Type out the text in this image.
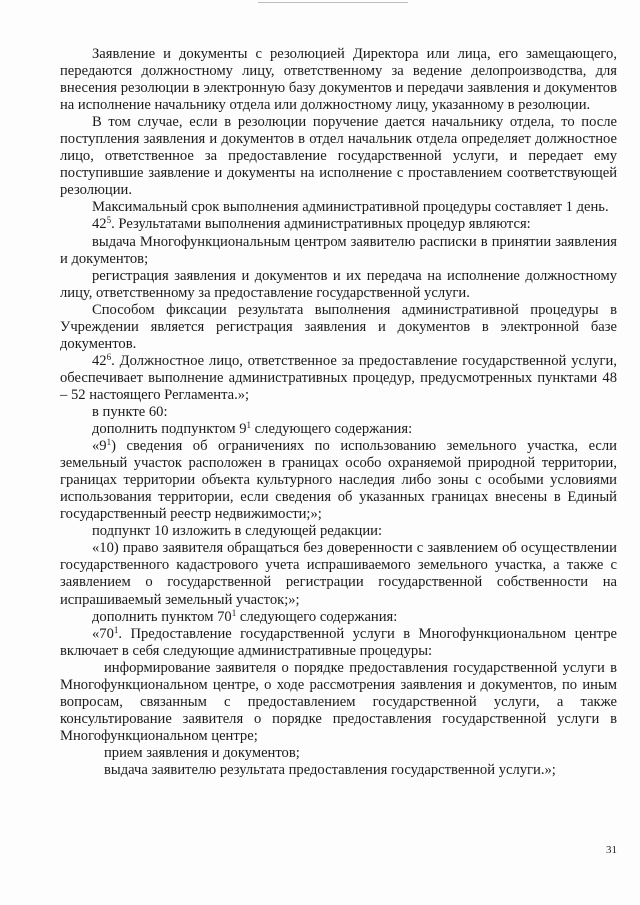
Заявление и документы с резолюцией Директора или лица, его замещающего, передаются должностному лицу, ответственному за ведение делопроизводства, для внесения резолюции в электронную базу документов и передачи заявления и документов на исполнение начальнику отдела или должностному лицу, указанному в резолюции.

В том случае, если в резолюции поручение дается начальнику отдела, то после поступления заявления и документов в отдел начальник отдела определяет должностное лицо, ответственное за предоставление государственной услуги, и передает ему поступившие заявление и документы на исполнение с проставлением соответствующей резолюции.

Максимальный срок выполнения административной процедуры составляет 1 день.

$42^5$. Результатами выполнения административных процедур являются:

выдача Многофункциональным центром заявителю расписки в принятии заявления и документов;

регистрация заявления и документов и их передача на исполнение должностному лицу, ответственному за предоставление государственной услуги.

Способом фиксации результата выполнения административной процедуры в Учреждении является регистрация заявления и документов в электронной базе документов.

$42^6$. Должностное лицо, ответственное за предоставление государственной услуги, обеспечивает выполнение административных процедур, предусмотренных пунктами 48 – 52 настоящего Регламента.»;

в пункте 60:

дополнить подпунктом $9^1$ следующего содержания:

«$9^1$) сведения об ограничениях по использованию земельного участка, если земельный участок расположен в границах особо охраняемой природной территории, границах территории объекта культурного наследия либо зоны с особыми условиями использования территории, если сведения об указанных границах внесены в Единый государственный реестр недвижимости;»;

подпункт 10 изложить в следующей редакции:

«10) право заявителя обращаться без доверенности с заявлением об осуществлении государственного кадастрового учета испрашиваемого земельного участка, а также с заявлением о государственной регистрации государственной собственности на испрашиваемый земельный участок;»;

дополнить пунктом $70^1$ следующего содержания:

«$70^1$. Предоставление государственной услуги в Многофункциональном центре включает в себя следующие административные процедуры:

информирование заявителя о порядке предоставления государственной услуги в Многофункциональном центре, о ходе рассмотрения заявления и документов, по иным вопросам, связанным с предоставлением государственной услуги, а также консультирование заявителя о порядке предоставления государственной услуги в Многофункциональном центре;

прием заявления и документов;

выдача заявителю результата предоставления государственной услуги.»;

31
